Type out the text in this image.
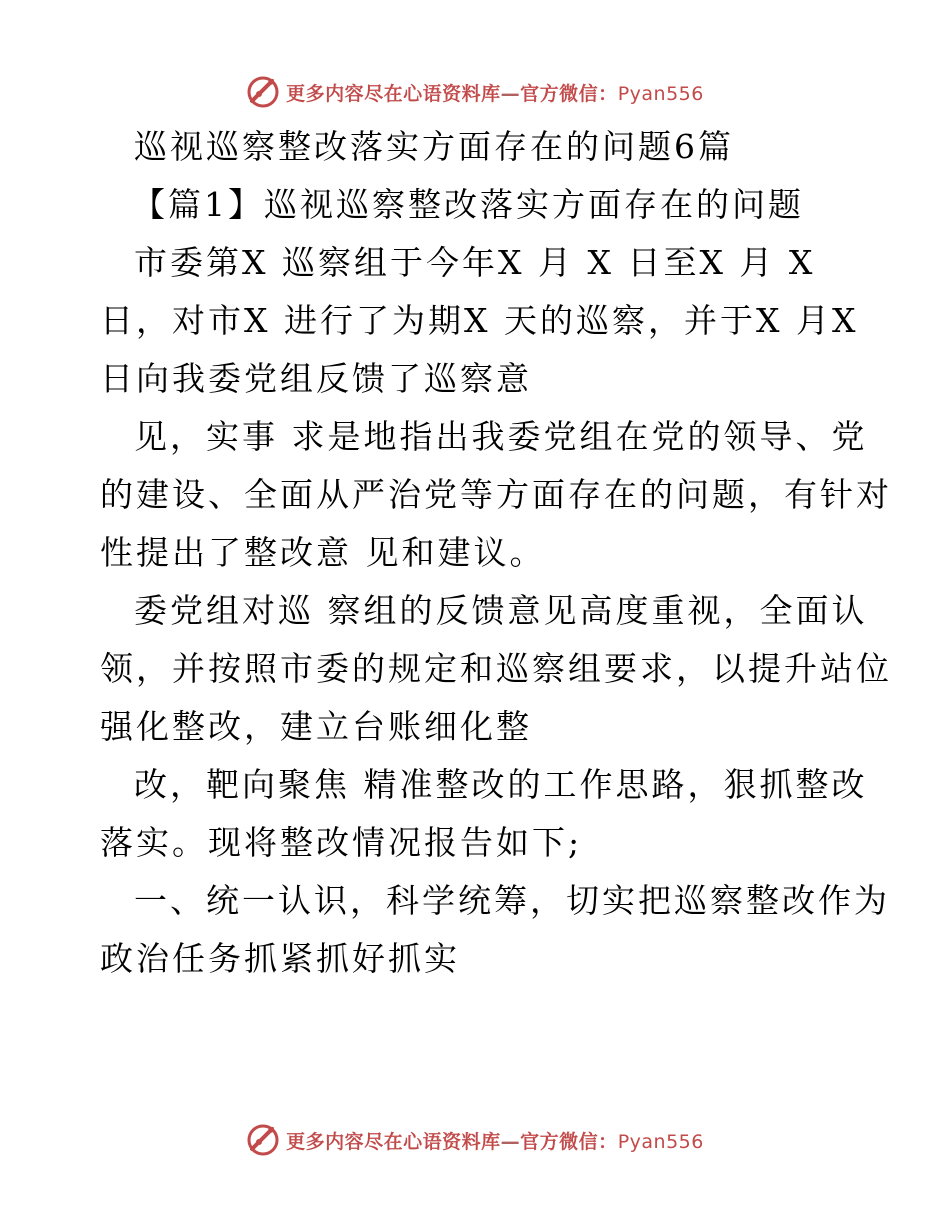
更多内容尽在心语资料库—官方微信：Pyan556
巡视巡察整改落实方面存在的问题6篇
【篇1】巡视巡察整改落实方面存在的问题
市委第X 巡察组于今年X 月 X 日至X 月 X
日，对市X 进行了为期X 天的巡察，并于X 月X
日向我委党组反馈了巡察意
见，实事 求是地指出我委党组在党的领导、党
的建设、全面从严治党等方面存在的问题，有针对
性提出了整改意 见和建议。
委党组对巡 察组的反馈意见高度重视，全面认
领，并按照市委的规定和巡察组要求，以提升站位
强化整改，建立台账细化整
改，靶向聚焦 精准整改的工作思路，狠抓整改
落实。现将整改情况报告如下;
一、统一认识，科学统筹，切实把巡察整改作为
政治任务抓紧抓好抓实
更多内容尽在心语资料库—官方微信：Pyan556
